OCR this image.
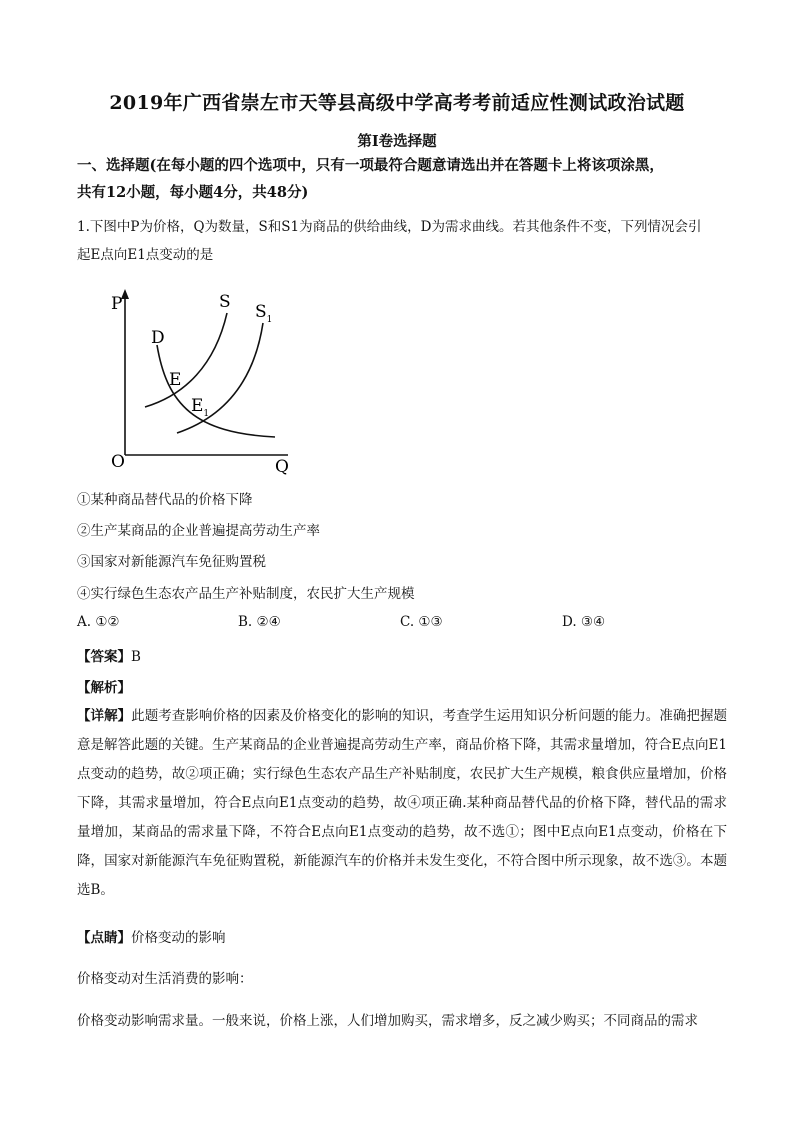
2019年广西省崇左市天等县高级中学高考考前适应性测试政治试题
第I卷选择题
一、选择题(在每小题的四个选项中，只有一项最符合题意请选出并在答题卡上将该项涂黑，
共有12小题，每小题4分，共48分)
1.下图中P为价格，Q为数量，S和S1为商品的供给曲线，D为需求曲线。若其他条件不变，下列情况会引
起E点向E1点变动的是
P
Q
O
D
S $S_1$
E
$E_1$
①某种商品替代品的价格下降
②生产某商品的企业普遍提高劳动生产率
③国家对新能源汽车免征购置税
④实行绿色生态农产品生产补贴制度，农民扩大生产规模
A. ①②	B. ②④	C. ①③	D. ③④
【答案】B
【解析】
【详解】此题考查影响价格的因素及价格变化的影响的知识，考查学生运用知识分析问题的能力。准确把握题意是解答此题的关键。生产某商品的企业普遍提高劳动生产率，商品价格下降，其需求量增加，符合E点向E1点变动的趋势，故②项正确；实行绿色生态农产品生产补贴制度，农民扩大生产规模，粮食供应量增加，价格下降，其需求量增加，符合E点向E1点变动的趋势，故④项正确.某种商品替代品的价格下降，替代品的需求量增加，某商品的需求量下降，不符合E点向E1点变动的趋势，故不选①；图中E点向E1点变动，价格在下降，国家对新能源汽车免征购置税，新能源汽车的价格并未发生变化，不符合图中所示现象，故不选③。本题选B。
【点睛】价格变动的影响
价格变动对生活消费的影响：
价格变动影响需求量。一般来说，价格上涨，人们增加购买，需求增多，反之减少购买；不同商品的需求
